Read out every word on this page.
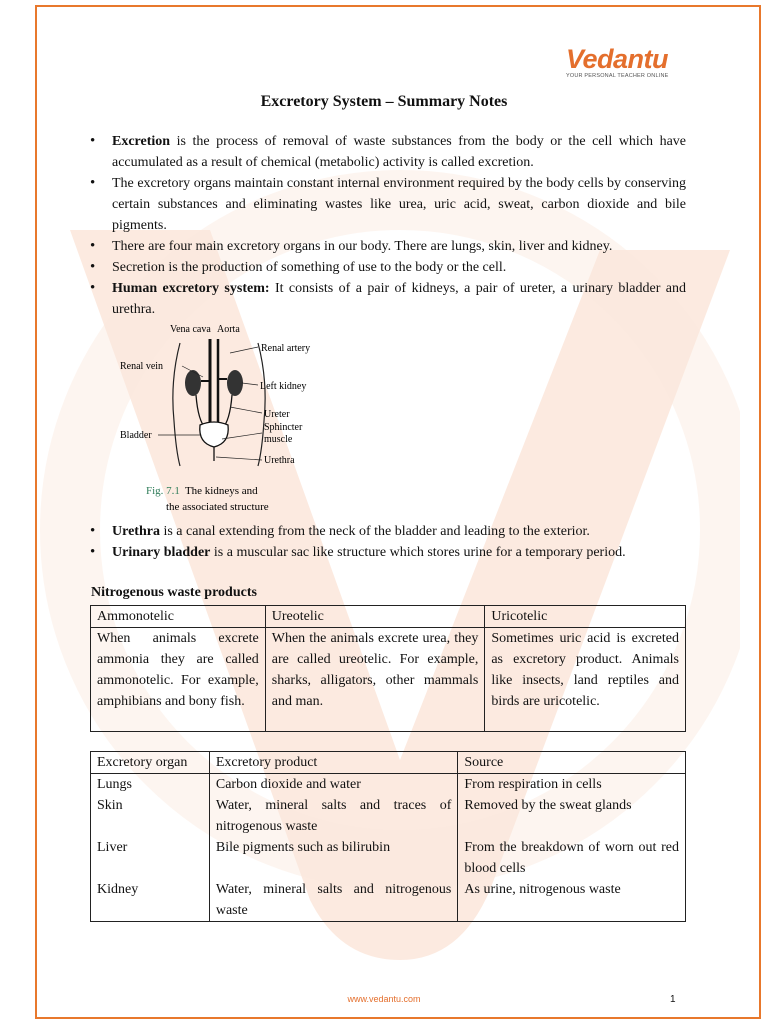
Vedantu
YOUR PERSONAL TEACHER ONLINE
Excretory System – Summary Notes
• Excretion is the process of removal of waste substances from the body or the cell which have accumulated as a result of chemical (metabolic) activity is called excretion.
• The excretory organs maintain constant internal environment required by the body cells by conserving certain substances and eliminating wastes like urea, uric acid, sweat, carbon dioxide and bile pigments.
• There are four main excretory organs in our body. There are lungs, skin, liver and kidney.
• Secretion is the production of something of use to the body or the cell.
• Human excretory system: It consists of a pair of kidneys, a pair of ureter, a urinary bladder and urethra.
Vena cava Aorta
Renal artery
Renal vein
Left kidney
Ureter
Sphincter
muscle
Bladder
Urethra
Fig. 7.1 The kidneys and
the associated structure
• Urethra is a canal extending from the neck of the bladder and leading to the exterior.
• Urinary bladder is a muscular sac like structure which stores urine for a temporary period.
Nitrogenous waste products
Ammonotelic	Ureotelic	Uricotelic
When animals excrete ammonia they are called ammonotelic. For example, amphibians and bony fish.	When the animals excrete urea, they are called ureotelic. For example, sharks, alligators, other mammals and man.	Sometimes uric acid is excreted as excretory product. Animals like insects, land reptiles and birds are uricotelic.
Excretory organ	Excretory product	Source
Lungs	Carbon dioxide and water	From respiration in cells
Skin	Water, mineral salts and traces of nitrogenous waste	Removed by the sweat glands
Liver	Bile pigments such as bilirubin	From the breakdown of worn out red blood cells
Kidney	Water, mineral salts and nitrogenous waste	As urine, nitrogenous waste
www.vedantu.com	1
